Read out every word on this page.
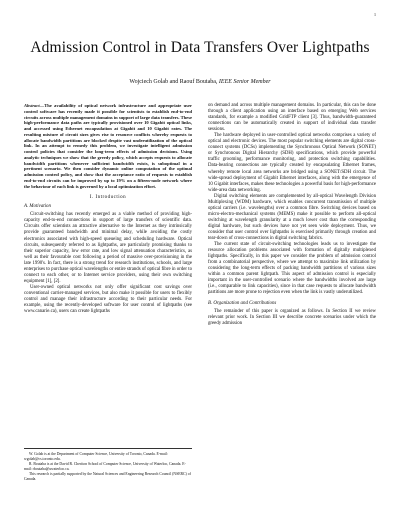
1
Admission Control in Data Transfers Over Lightpaths
Wojciech Golab and Raouf Boutaba, IEEE Senior Member

Abstract—The availability of optical network infrastructure and appropriate user control software has recently made it possible for scientists to establish end-to-end circuits across multiple management domains in support of large data transfers. These high-performance data paths are typically provisioned over 10 Gigabit optical links, and accessed using Ethernet encapsulation at Gigabit and 10 Gigabit rates. The resulting mixture of circuit sizes gives rise to resource conflicts whereby requests to allocate bandwidth partitions are blocked despite vast underutilization of the optical link. In an attempt to remedy this problem, we investigate intelligent admission control policies that consider the long-term effects of admission decisions. Using analytic techniques we show that the greedy policy, which accepts requests to allocate bandwidth partitions whenever sufficient bandwidth exists, is suboptimal in a pertinent scenario. We then consider dynamic online computation of the optimal admission control policy, and show that the acceptance ratio of requests to establish end-to-end circuits can be improved by up to 19% on a fifteen-node network where the behaviour of each link is governed by a local optimization effort.

I. Introduction
A. Motivation

Circuit-switching has recently emerged as a viable method of providing high-capacity end-to-end connections in support of large transfers of scientific data. Circuits offer scientists an attractive alternative to the Internet as they intrinsically provide guaranteed bandwidth and minimal delay, while avoiding the costly electronics associated with high-speed queueing and scheduling hardware. Optical circuits, subsequently referred to as lightpaths, are particularly promising thanks to their superior capacity, low error rate, and low signal attenuation characteristics, as well as their favourable cost following a period of massive over-provisioning in the late 1990's. In fact, there is a strong trend for research institutions, schools, and large enterprises to purchase optical wavelengths or entire strands of optical fibre in order to connect to each other, or to Internet service providers, using their own switching equipment [1], [2].

User-owned optical networks not only offer significant cost savings over conventional carrier-managed services, but also make it possible for users to flexibly control and manage their infrastructure according to their particular needs. For example, using the recently-developed software for user control of lightpaths (see www.canarie.ca), users can create lightpaths

on demand and across multiple management domains. In particular, this can be done through a client application using an interface based on emerging Web services standards, for example a modified GridFTP client [3]. Thus, bandwidth-guaranteed connections can be automatically created in support of individual data transfer sessions.

The hardware deployed in user-controlled optical networks comprises a variety of optical and electronic devices. The most popular switching elements are digital cross-connect systems (DCSs) implementing the Synchronous Optical Network (SONET) or Synchronous Digital Hierarchy (SDH) specifications, which provide powerful traffic grooming, performance monitoring, and protection switching capabilities. Data-bearing connections are typically created by encapsulating Ethernet frames, whereby remote local area networks are bridged using a SONET/SDH circuit. The wide-spread deployment of Gigabit Ethernet interfaces, along with the emergence of 10 Gigabit interfaces, makes these technologies a powerful basis for high-performance wide-area data networking.

Digital switching elements are complemented by all-optical Wavelength Division Multiplexing (WDM) hardware, which enables concurrent transmission of multiple optical carriers (i.e. wavelengths) over a common fibre. Switching devices based on micro-electro-mechanical systems (MEMS) make it possible to perform all-optical switching at wavelength granularity at a much lower cost than the corresponding digital hardware, but such devices have not yet seen wide deployment. Thus, we consider that user control over lightpaths is exercised primarily through creation and tear-down of cross-connections in digital switching fabrics.

The current state of circuit-switching technologies leads us to investigate the resource allocation problems associated with formation of digitally multiplexed lightpaths. Specifically, in this paper we consider the problem of admission control from a combinatorial perspective, where we attempt to maximize link utilization by considering the long-term effects of packing bandwidth partitions of various sizes within a common parent lightpath. This aspect of admission control is especially important in the user-controlled scenario where the bandwidths involved are large (i.e., comparable to link capacities), since in that case requests to allocate bandwidth partitions are more prone to rejection even when the link is vastly underutilized.

B. Organization and Contributions

The remainder of this paper is organized as follows. In Section II we review relevant prior work. In Section III we describe concrete scenarios under which the greedy admission

W. Golab is at the Department of Computer Science, University of Toronto, Canada. E-mail: wgolab@cs.toronto.edu.

R. Boutaba is at the David R. Cheriton School of Computer Science, University of Waterloo, Canada. E-mail: rboutaba@uwaterloo.ca.

This research is partially supported by the Natural Sciences and Engineering Research Council (NSERC) of Canada.
